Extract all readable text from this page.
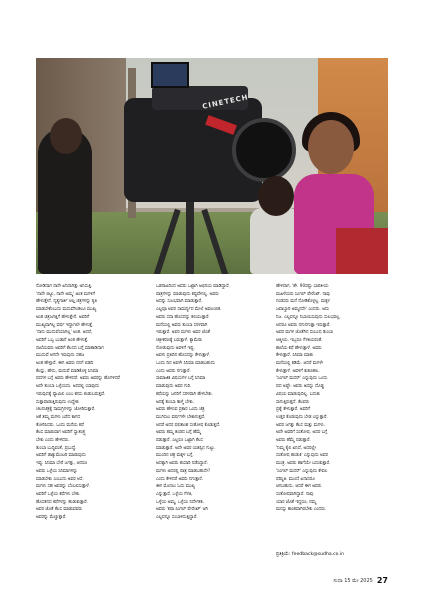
CINETECH
ನೋಡಿದಾಗ ನಾನೇ ಏನಿದಾಗಿತ್ತು ಅನಿಸುತ್ತಿ.
'ನಾನೇ ಬಿಟ್ಟು, ನಾನೇ ಅಮ್ಮ' ಅಂತ ಮಗಳಿಗೆ
ಹೇಳುತ್ತೇನೆ. ನೃತ್ಯಗಾರ್ತಿ ಆಫ್ತಿ ಚಿತ್ರಗಳನ್ನು ಕೃತಿ
ಮಾಡಬೇಕೆಂಬುದು ಮದುವೆಗಿಂತಲೂ ಮುಖ್ಯ
ಅಂತ ಚಿತ್ರಜಗತ್ತಿಗೆ ಹೇಳುತ್ತೇನೆ. ಅವರಿಗೆ
ಮುಖ್ಯವಾಗಿಲ್ಲ ವರ್ಷ ಇದ್ದಾಗಲೇ ಹೇಳುತ್ತೆ.
'ನಾನು ಮುದುವೆಯಾಗಿಲ್ಲ' ಅಂತ. ಅದರೆ,
ಅವರಿಗೆ ಒಬ್ಬ ಬುಡಾನೆ ಅಂತ ಹೇಳುತ್ತೆ.
ನಾಲೆಯವರು ಅವರಿಗೆ ಕೆಲಸದ ಬಗ್ಗೆ ಮಾತಾಡಿದಾಗ
ಮುದುವೆ ಆಗದೇ ಇರುವುದು ಸಹಜ
ಅಂತ ಹೇಳ್ತಾರೆ. ಈಗ ಅವರು ನನಗೆ ಬಿಡದಿ
ಕೆಲಸ್ತು, ಹೇಸು, ಮದುವೆ ಮಾಡಿಕೊಳ್ಳಿ ಸಿನಿಮಾ
ಪದಗಳ ಬಗ್ಗೆ ಅವರು ಹೇಳಿದರೆ. ಅವರು ಅವರನ್ನು ಹೊಗಳಿದರೆ
ಅದೇ ತುಂಬಾ ಒಳ್ಳೆಯದು. ಅದರಲ್ಲಿ ಯಾವುದು
ಇರುವುದಕ್ಕೆ ಫ್ಯಾಮಿಲಿ ಎಂಬ ಕನಸು ಕಂಡುಬರುತ್ತವೆ.
ಸುತ್ತಾಪಾಡುತ್ತಿರುವುದು ಉದ್ದೇಶ.
ಚಲನಚಿತ್ರಕ್ಕೆ ಸಾಮಗ್ರಿಗಳನ್ನು ಜೋಡಿಸುತ್ತಾರೆ.
ಆಕೆ ತಮ್ಮ ಮಗಳು ಬರೆದ ಕಾಗದ
ತೋರಿಸಿದರು. ಒಂದು ಮನೆಯ ಕಥೆ
ಕೆಲಸ ಮಾಡುವಾಗ ಅವರಿಗೆ ಸ್ವಾತಂತ್ರ್ಯ
ಬೇಕು ಎಂದು ಹೇಳಿದರು.
ತುಂಬಾ ಬುದ್ಧಿವಂತೆ, ಪ್ರಬುದ್ಧೆ.
ಅವರಿಗೆ ಡಾಕ್ಯುಮೆಂಟರಿ ಮಾಡುವುದು
ಇಷ್ಟ. ಸಿನಿಮಾ ಬೇರೆ ಜಗತ್ತು, ಆದರೂ
ಅವರು ಒಳ್ಳೆಯ ಸಿನಿಮಾಗಳನ್ನು
ಮಾಡಬೇಕು ಎಂಬುದು ಅವರ ಆಸೆ.
ಮಗಳು ಸಹ ಅವರನ್ನು ಬೆಂಬಲಿಸುತ್ತಾಳೆ.
ಅವರಿಗೆ ಒಳ್ಳೆಯ ಕಥೆಗಳು ಬೇಕು.
ಹೊಸತನದ ಕಥೆಗಳನ್ನು ಹುಡುಕುತ್ತಾರೆ.
ಅವರ ಜೊತೆ ಕೆಲಸ ಮಾಡುವವರು
ಅವರನ್ನು ಮೆಚ್ಚುತ್ತಾರೆ.
ಒಡನಾಟದಿಂದ ಅವರು ಒಟ್ಟಾಗಿ ಅಭಿನಯ ಮಾಡಿದ್ದಾರೆ.
ಪಾತ್ರಗಳನ್ನು ಮಾಡುವುದು ಕಷ್ಟವೇನಲ್ಲ. ಅವರು
ಅದನ್ನು ಸುಲಭವಾಗಿ ಮಾಡುತ್ತಾರೆ.
ಎಲ್ಲವೂ ಅವರ ಸಾಮರ್ಥ್ಯದ ಮೇಲೆ ಅವಲಂಬಿತ.
ಅವರು ಸದಾ ಹೊಸದನ್ನು ಕಲಿಯುತ್ತಾರೆ.
ಮನೆಯಲ್ಲಿ ಅವರು ತುಂಬಾ ಸರಳವಾಗಿ
ಇರುತ್ತಾರೆ. ಅವರ ಮಗಳು ಅವರ ಜೊತೆ
ಚಿತ್ರೀಕರಣಕ್ಕೆ ಬರುತ್ತಾಳೆ. ಕ್ಯಾಮೆರಾ
ನೋಡುವುದು ಅವಳಿಗೆ ಇಷ್ಟ.
ಅವಳು ಪ್ರತಿದಿನ ಹೊಸದನ್ನು ಕೇಳುತ್ತಾಳೆ.
ಒಂದು ದಿನ ಅವಳೇ ಸಿನಿಮಾ ಮಾಡಬಹುದು
ಎಂದು ಅವರು ನಗುತ್ತಾರೆ.
ಸಾಮಾಜಿಕ ವಿಷಯಗಳ ಬಗ್ಗೆ ಸಿನಿಮಾ
ಮಾಡುವುದು ಅವರ ಗುರಿ.
ಕಥೆಯನ್ನು ಜನರಿಗೆ ಸರಳವಾಗಿ ಹೇಳಬೇಕು.
ಅದಕ್ಕೆ ತುಂಬಾ ತಾಳ್ಮೆ ಬೇಕು.
ಅವರು ಹೇಳುವ ಪ್ರಕಾರ ಒಂದು ಚಿತ್ರ
ಮುಗಿಸಲು ವರ್ಷಗಳೇ ಬೇಕಾಗುತ್ತವೆ.
ಆದರೆ ಅದರ ಫಲಿತಾಂಶ ಸಂತೋಷ ಕೊಡುತ್ತದೆ.
ಅವರು ತಮ್ಮ ತಂಡದ ಬಗ್ಗೆ ಹೆಮ್ಮೆ
ಪಡುತ್ತಾರೆ. ಎಲ್ಲರೂ ಒಟ್ಟಾಗಿ ಕೆಲಸ
ಮಾಡುತ್ತಾರೆ. ಅದೇ ಅವರ ಯಶಸ್ಸಿನ ಗುಟ್ಟು.
ಮುಂದಿನ ಚಿತ್ರ ಮಕ್ಕಳ ಬಗ್ಗೆ.
ಅದಕ್ಕಾಗಿ ಅವರು ತಯಾರಿ ನಡೆಸಿದ್ದಾರೆ.
ಮಗಳು ಅದರಲ್ಲಿ ಪಾತ್ರ ಮಾಡಬಹುದೇ?
ಎಂದು ಕೇಳಿದರೆ ಅವರು ನಗುತ್ತಾರೆ.
ಈಗ ಮೊದಲು ಓದು ಮುಖ್ಯ
ಎನ್ನುತ್ತಾರೆ. ಒಳ್ಳೆಯ ಗೆಳತಿ,
ಒಳ್ಳೆಯ ಅಮ್ಮ, ಒಳ್ಳೆಯ ನಿರ್ದೇಶಕಿ.
ಅವರು 'ಕಥಾ ಸಿಂಗಲ್ ಪೇರೆಂಟ್' ಆಗಿ
ಎಲ್ಲವನ್ನೂ ಸಂಭಾಳಿಸುತ್ತಿದ್ದಾರೆ.
ಹೇಳಿದಾಗ, 'ಶೇ. 90ರಷ್ಟು ಭಾರತೀಯ
ಮಹಿಳೆಯರು ಸಿಂಗಲ್ ಪೇರೆಂಟ್. ನಾವು
ಗಂಡಸರು ಮನೆ ನೋಡಿಕೊಳ್ಳಲ್ಲ. ಮಕ್ಕಳ
ಜವಾಬ್ದಾರಿ ಅಮ್ಮನದೇ' ಎಂದರು. ಅದು
ನಿಜ. ಎಲ್ಲವನ್ನೂ ನಿಭಾಯಿಸುವುದು ಸುಲಭವಲ್ಲ.
ಆದರೂ ಅವರು ನಗುನಗುತ್ತಾ ಇರುತ್ತಾರೆ.
ಅವರ ಮಗಳ ಜೊತೆಗಿನ ಸಂಬಂಧ ತುಂಬಾ
ಆತ್ಮೀಯ. ಇಬ್ಬರೂ ಗೆಳತಿಯರಂತೆ.
ಶಾಲೆಯ ಕಥೆ ಹೇಳುತ್ತಾಳೆ. ಅವರು
ಕೇಳುತ್ತಾರೆ. ಸಿನಿಮಾ ಮಾತು
ಮನೆಯಲ್ಲಿ ಕಡಿಮೆ. ಆದರೆ ಮಗಳೇ
ಕೇಳುತ್ತಾಳೆ. ಅವಳಿಗೆ ಕುತೂಹಲ.
'ಸಿಂಗಲ್ ಮದರ್' ಎನ್ನುವುದು ಒಂದು
ಪದ ಅಷ್ಟೇ. ಅವರು ಅದನ್ನು ದೊಡ್ಡ
ವಿಷಯ ಮಾಡುವುದಿಲ್ಲ. ಬದುಕು
ಸಾಗುತ್ತಿರುತ್ತದೆ. ಕೆಲವರು
ಪ್ರಶ್ನೆ ಕೇಳುತ್ತಾರೆ. ಅವರಿಗೆ
ಉತ್ತರ ಕೊಡುವುದು ಬೇಡ ಎನ್ನುತ್ತಾರೆ.
ಅವರ ಜಗತ್ತು ಕೆಲಸ ಮತ್ತು ಮಗಳು.
ಅದೇ ಅವರಿಗೆ ಸಂತೋಷ. ಅದರ ಬಗ್ಗೆ
ಅವರು ಹೆಮ್ಮೆ ಪಡುತ್ತಾರೆ.
'ನಿಮ್ಮ ಕೈಲಿ ಏನಿದೆ, ಅದರಲ್ಲೇ
ಸಂತೋಷ ಹುಡುಕಿ' ಎನ್ನುವುದು ಅವರ
ಮಂತ್ರ. ಅವರು ಹಾಗೆಯೇ ಬದುಕುತ್ತಾರೆ.
'ಸಿಂಗಲ್ ಮದರ್' ಎನ್ನುವುದು ಕೇವಲ
ಪರಿಸ್ಥಿತಿ. ಮುಂದೆ ಏನಾದರೂ
ಆಗಬಹುದು. ಆದರೆ ಈಗ ಅವರು
ಸಂತೋಷವಾಗಿದ್ದಾರೆ. ನಾವು
ಯಾರ ಜೊತೆ ಇದ್ದರೂ, ನಮ್ಮ
ಮನಸ್ಸು ಶಾಂತವಾಗಿರಬೇಕು ಎಂದರು.
ಪ್ರತಿಕ್ರಿಯೆ: feedback@sudha.co.in
ಸುಧಾ 15 ಮೇ 2025 27
